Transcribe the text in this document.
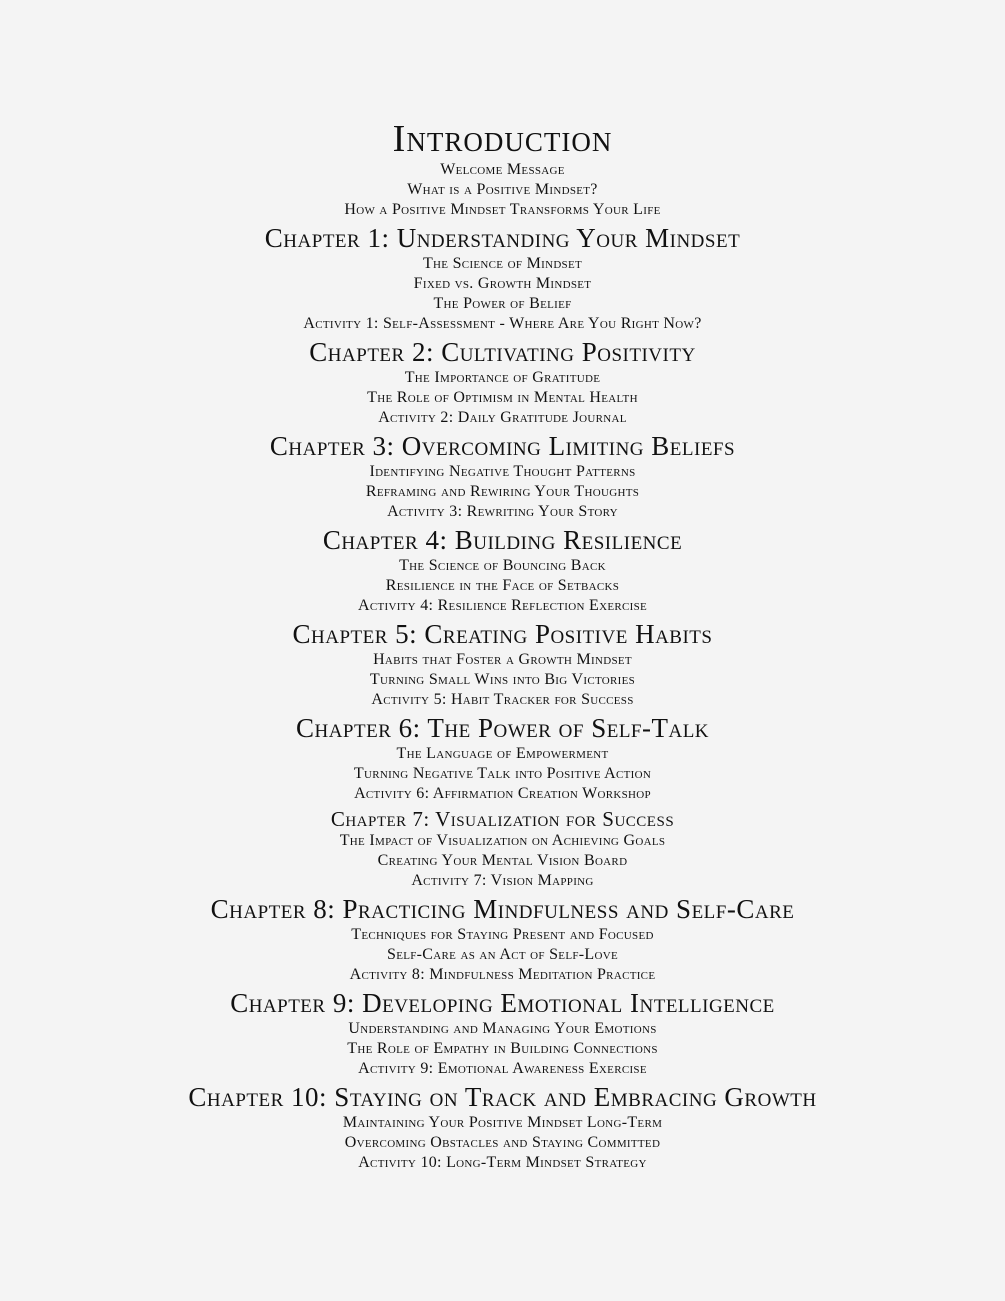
Introduction
Welcome Message
What is a Positive Mindset?
How a Positive Mindset Transforms Your Life
Chapter 1: Understanding Your Mindset
The Science of Mindset
Fixed vs. Growth Mindset
The Power of Belief
Activity 1: Self-Assessment - Where Are You Right Now?
Chapter 2: Cultivating Positivity
The Importance of Gratitude
The Role of Optimism in Mental Health
Activity 2: Daily Gratitude Journal
Chapter 3: Overcoming Limiting Beliefs
Identifying Negative Thought Patterns
Reframing and Rewiring Your Thoughts
Activity 3: Rewriting Your Story
Chapter 4: Building Resilience
The Science of Bouncing Back
Resilience in the Face of Setbacks
Activity 4: Resilience Reflection Exercise
Chapter 5: Creating Positive Habits
Habits that Foster a Growth Mindset
Turning Small Wins into Big Victories
Activity 5: Habit Tracker for Success
Chapter 6: The Power of Self-Talk
The Language of Empowerment
Turning Negative Talk into Positive Action
Activity 6: Affirmation Creation Workshop
Chapter 7: Visualization for Success
The Impact of Visualization on Achieving Goals
Creating Your Mental Vision Board
Activity 7: Vision Mapping
Chapter 8: Practicing Mindfulness and Self-Care
Techniques for Staying Present and Focused
Self-Care as an Act of Self-Love
Activity 8: Mindfulness Meditation Practice
Chapter 9: Developing Emotional Intelligence
Understanding and Managing Your Emotions
The Role of Empathy in Building Connections
Activity 9: Emotional Awareness Exercise
Chapter 10: Staying on Track and Embracing Growth
Maintaining Your Positive Mindset Long-Term
Overcoming Obstacles and Staying Committed
Activity 10: Long-Term Mindset Strategy
